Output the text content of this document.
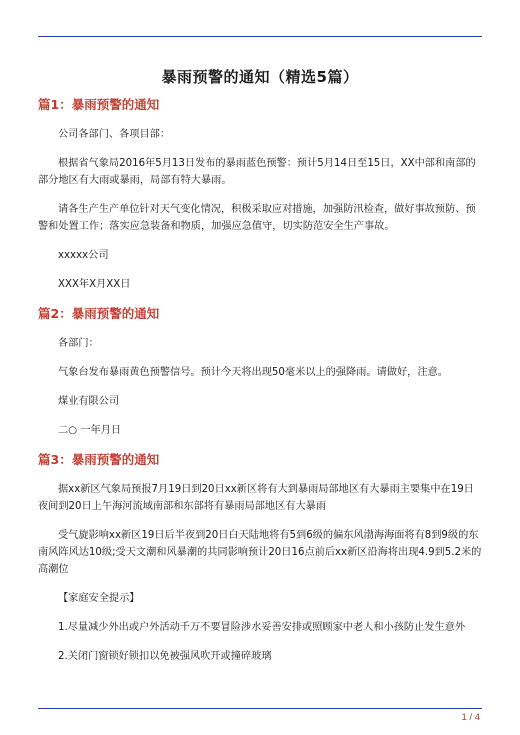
暴雨预警的通知（精选5篇）
篇1：暴雨预警的通知

公司各部门、各项目部：

根据省气象局2016年5月13日发布的暴雨蓝色预警：预计5月14日至15日，XX中部和南部的部分地区有大雨或暴雨，局部有特大暴雨。

请各生产生产单位针对天气变化情况，积极采取应对措施，加强防汛检查，做好事故预防、预警和处置工作；落实应急装备和物质，加强应急值守，切实防范安全生产事故。

xxxxx公司

XXX年X月XX日

篇2：暴雨预警的通知

各部门：

气象台发布暴雨黄色预警信号。预计今天将出现50毫米以上的强降雨。请做好，注意。

煤业有限公司

二○ 一年月日

篇3：暴雨预警的通知

据xx新区气象局预报7月19日到20日xx新区将有大到暴雨局部地区有大暴雨主要集中在19日夜间到20日上午海河流域南部和东部将有暴雨局部地区有大暴雨

受气旋影响xx新区19日后半夜到20日白天陆地将有5到6级的偏东风渤海海面将有8到9级的东南风阵风达10级;受天文潮和风暴潮的共同影响预计20日16点前后xx新区沿海将出现4.9到5.2米的高潮位

【家庭安全提示】

1.尽量减少外出或户外活动千万不要冒险涉水妥善安排或照顾家中老人和小孩防止发生意外

2.关闭门窗锁好锁扣以免被强风吹开或撞碎玻璃

1 / 4
